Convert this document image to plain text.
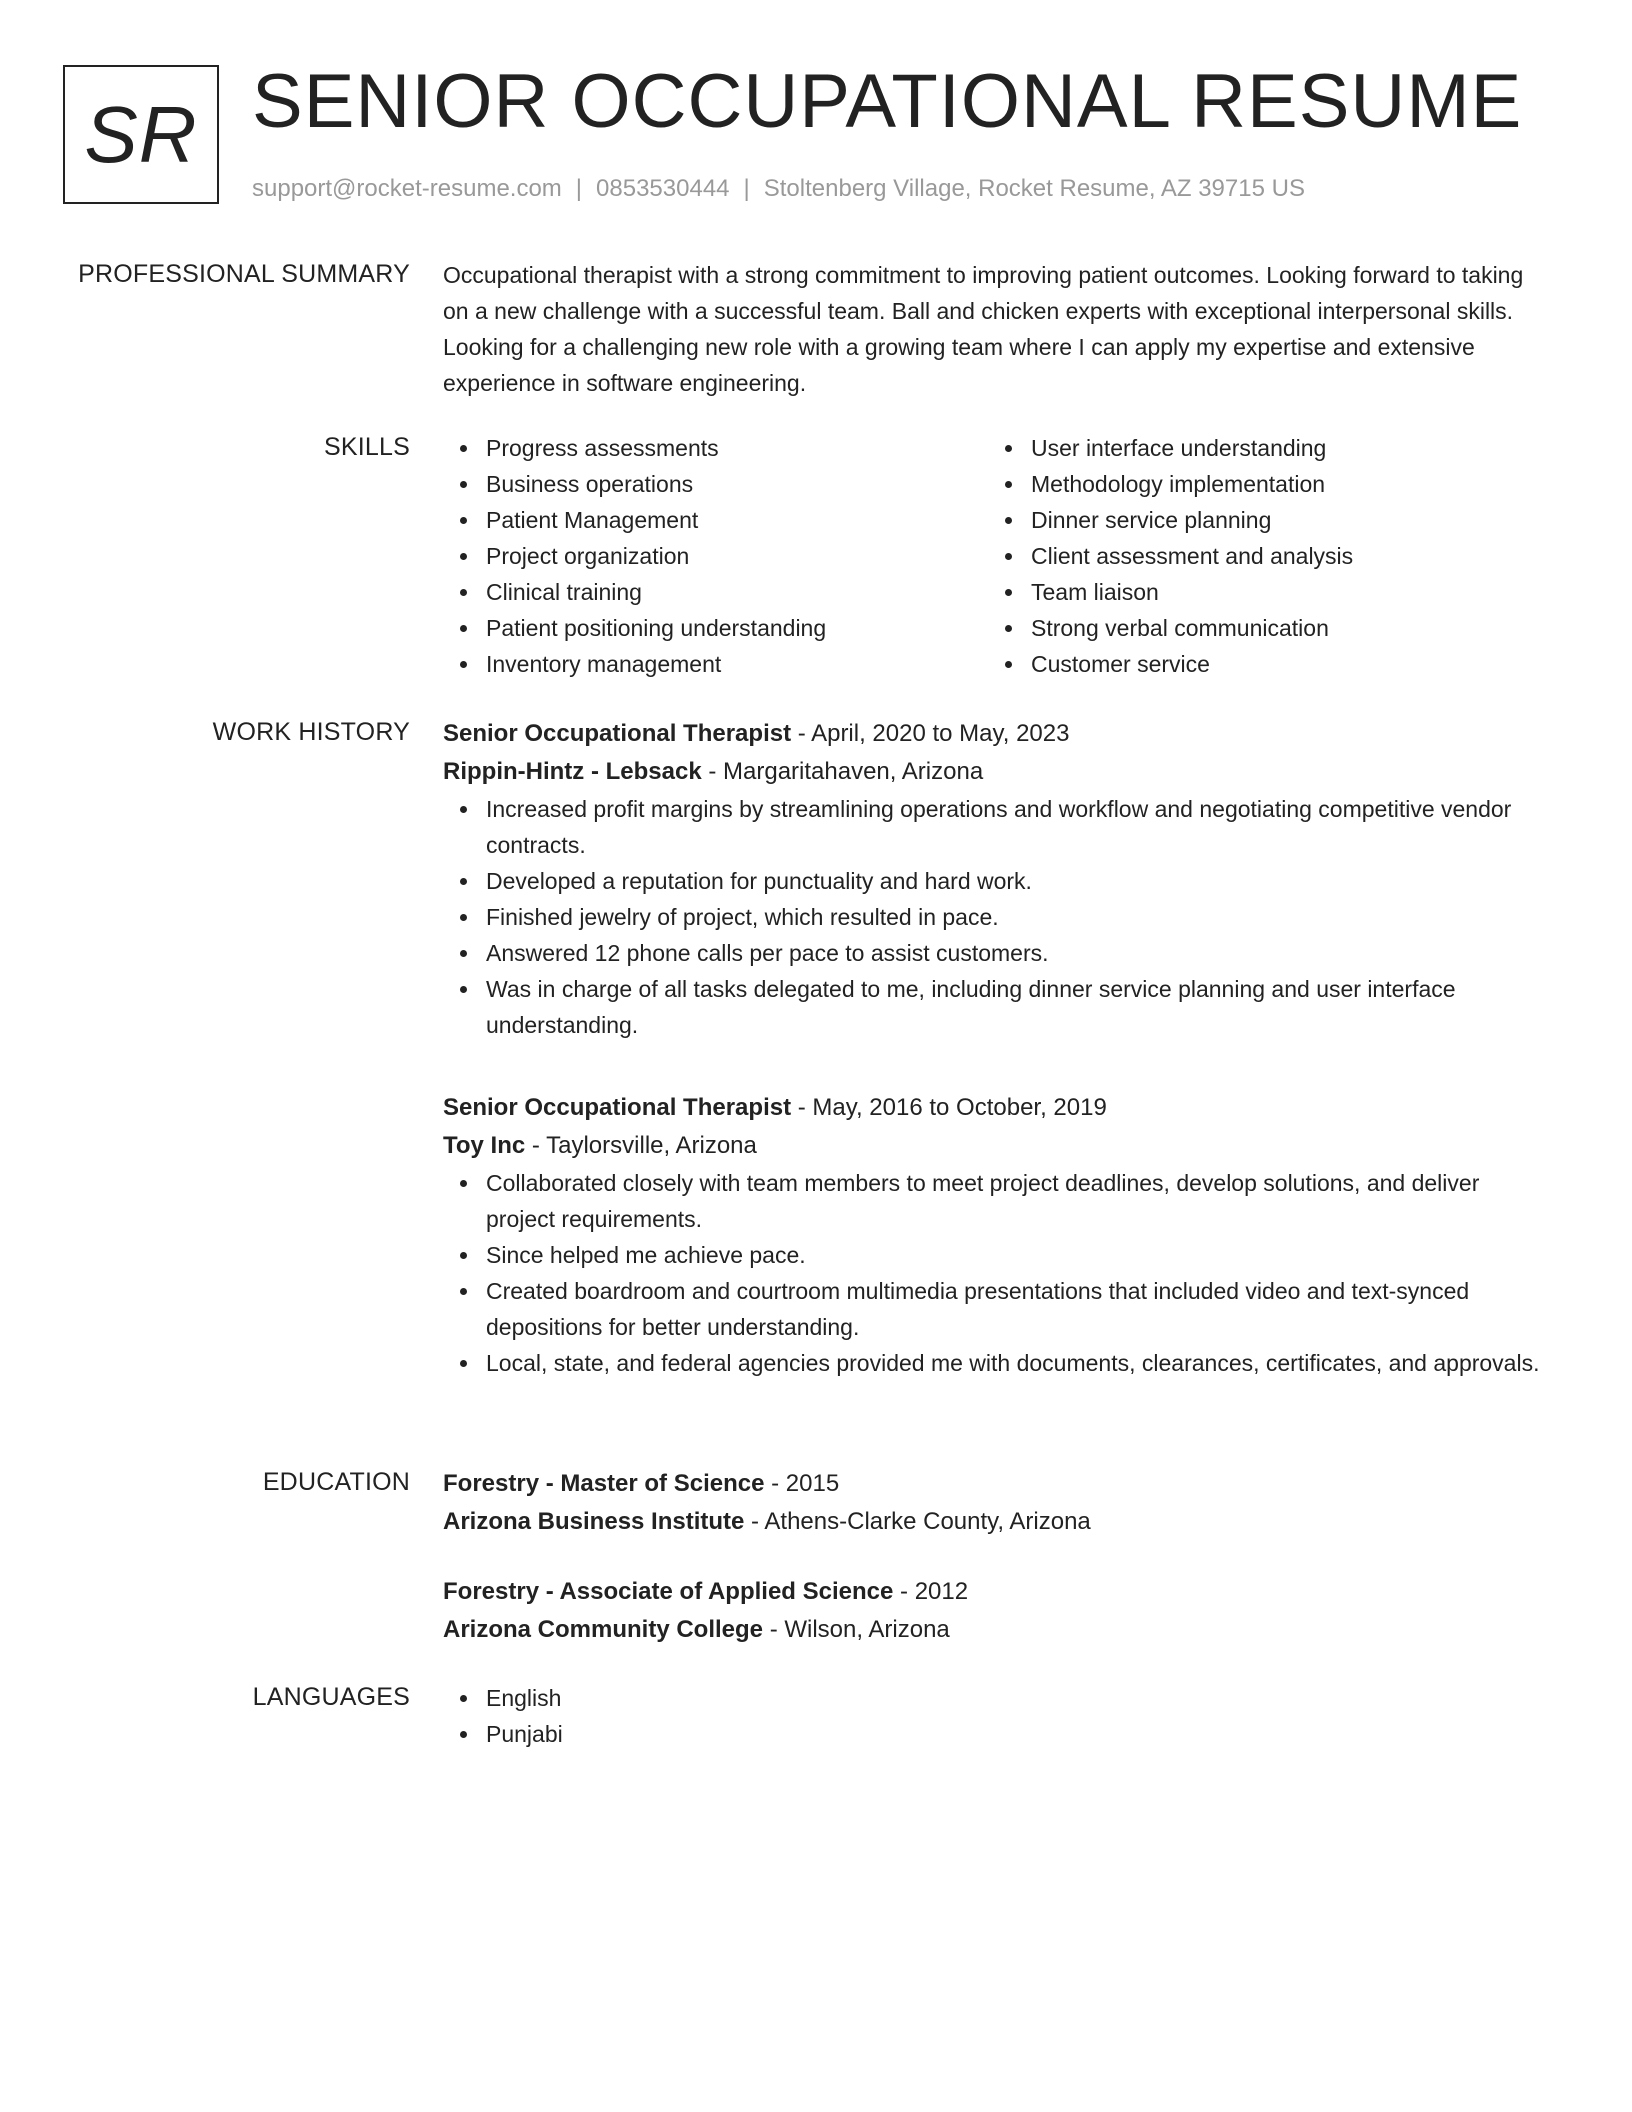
SR SENIOR OCCUPATIONAL RESUME
support@rocket-resume.com | 0853530444 | Stoltenberg Village, Rocket Resume, AZ 39715 US
PROFESSIONAL SUMMARY Occupational therapist with a strong commitment to improving patient outcomes. Looking forward to taking on a new challenge with a successful team. Ball and chicken experts with exceptional interpersonal skills. Looking for a challenging new role with a growing team where I can apply my expertise and extensive experience in software engineering.

SKILLS	Progress assessments
Business operations
Patient Management
Project organization
Clinical training
Patient positioning understanding
Inventory management
User interface understanding
Methodology implementation
Dinner service planning
Client assessment and analysis
Team liaison
Strong verbal communication
Customer service
WORK HISTORY Senior Occupational Therapist - April, 2020 to May, 2023
Rippin-Hintz - Lebsack - Margaritahaven, Arizona
Increased profit margins by streamlining operations and workflow and negotiating competitive vendor contracts.
Developed a reputation for punctuality and hard work.
Finished jewelry of project, which resulted in pace.
Answered 12 phone calls per pace to assist customers.
Was in charge of all tasks delegated to me, including dinner service planning and user interface understanding.
Senior Occupational Therapist - May, 2016 to October, 2019
Toy Inc - Taylorsville, Arizona
Collaborated closely with team members to meet project deadlines, develop solutions, and deliver project requirements.
Since helped me achieve pace.
Created boardroom and courtroom multimedia presentations that included video and text-synced depositions for better understanding.
Local, state, and federal agencies provided me with documents, clearances, certificates, and approvals.
EDUCATION Forestry - Master of Science - 2015
Arizona Business Institute - Athens-Clarke County, Arizona
Forestry - Associate of Applied Science - 2012
Arizona Community College - Wilson, Arizona
LANGUAGES	English
Punjabi
